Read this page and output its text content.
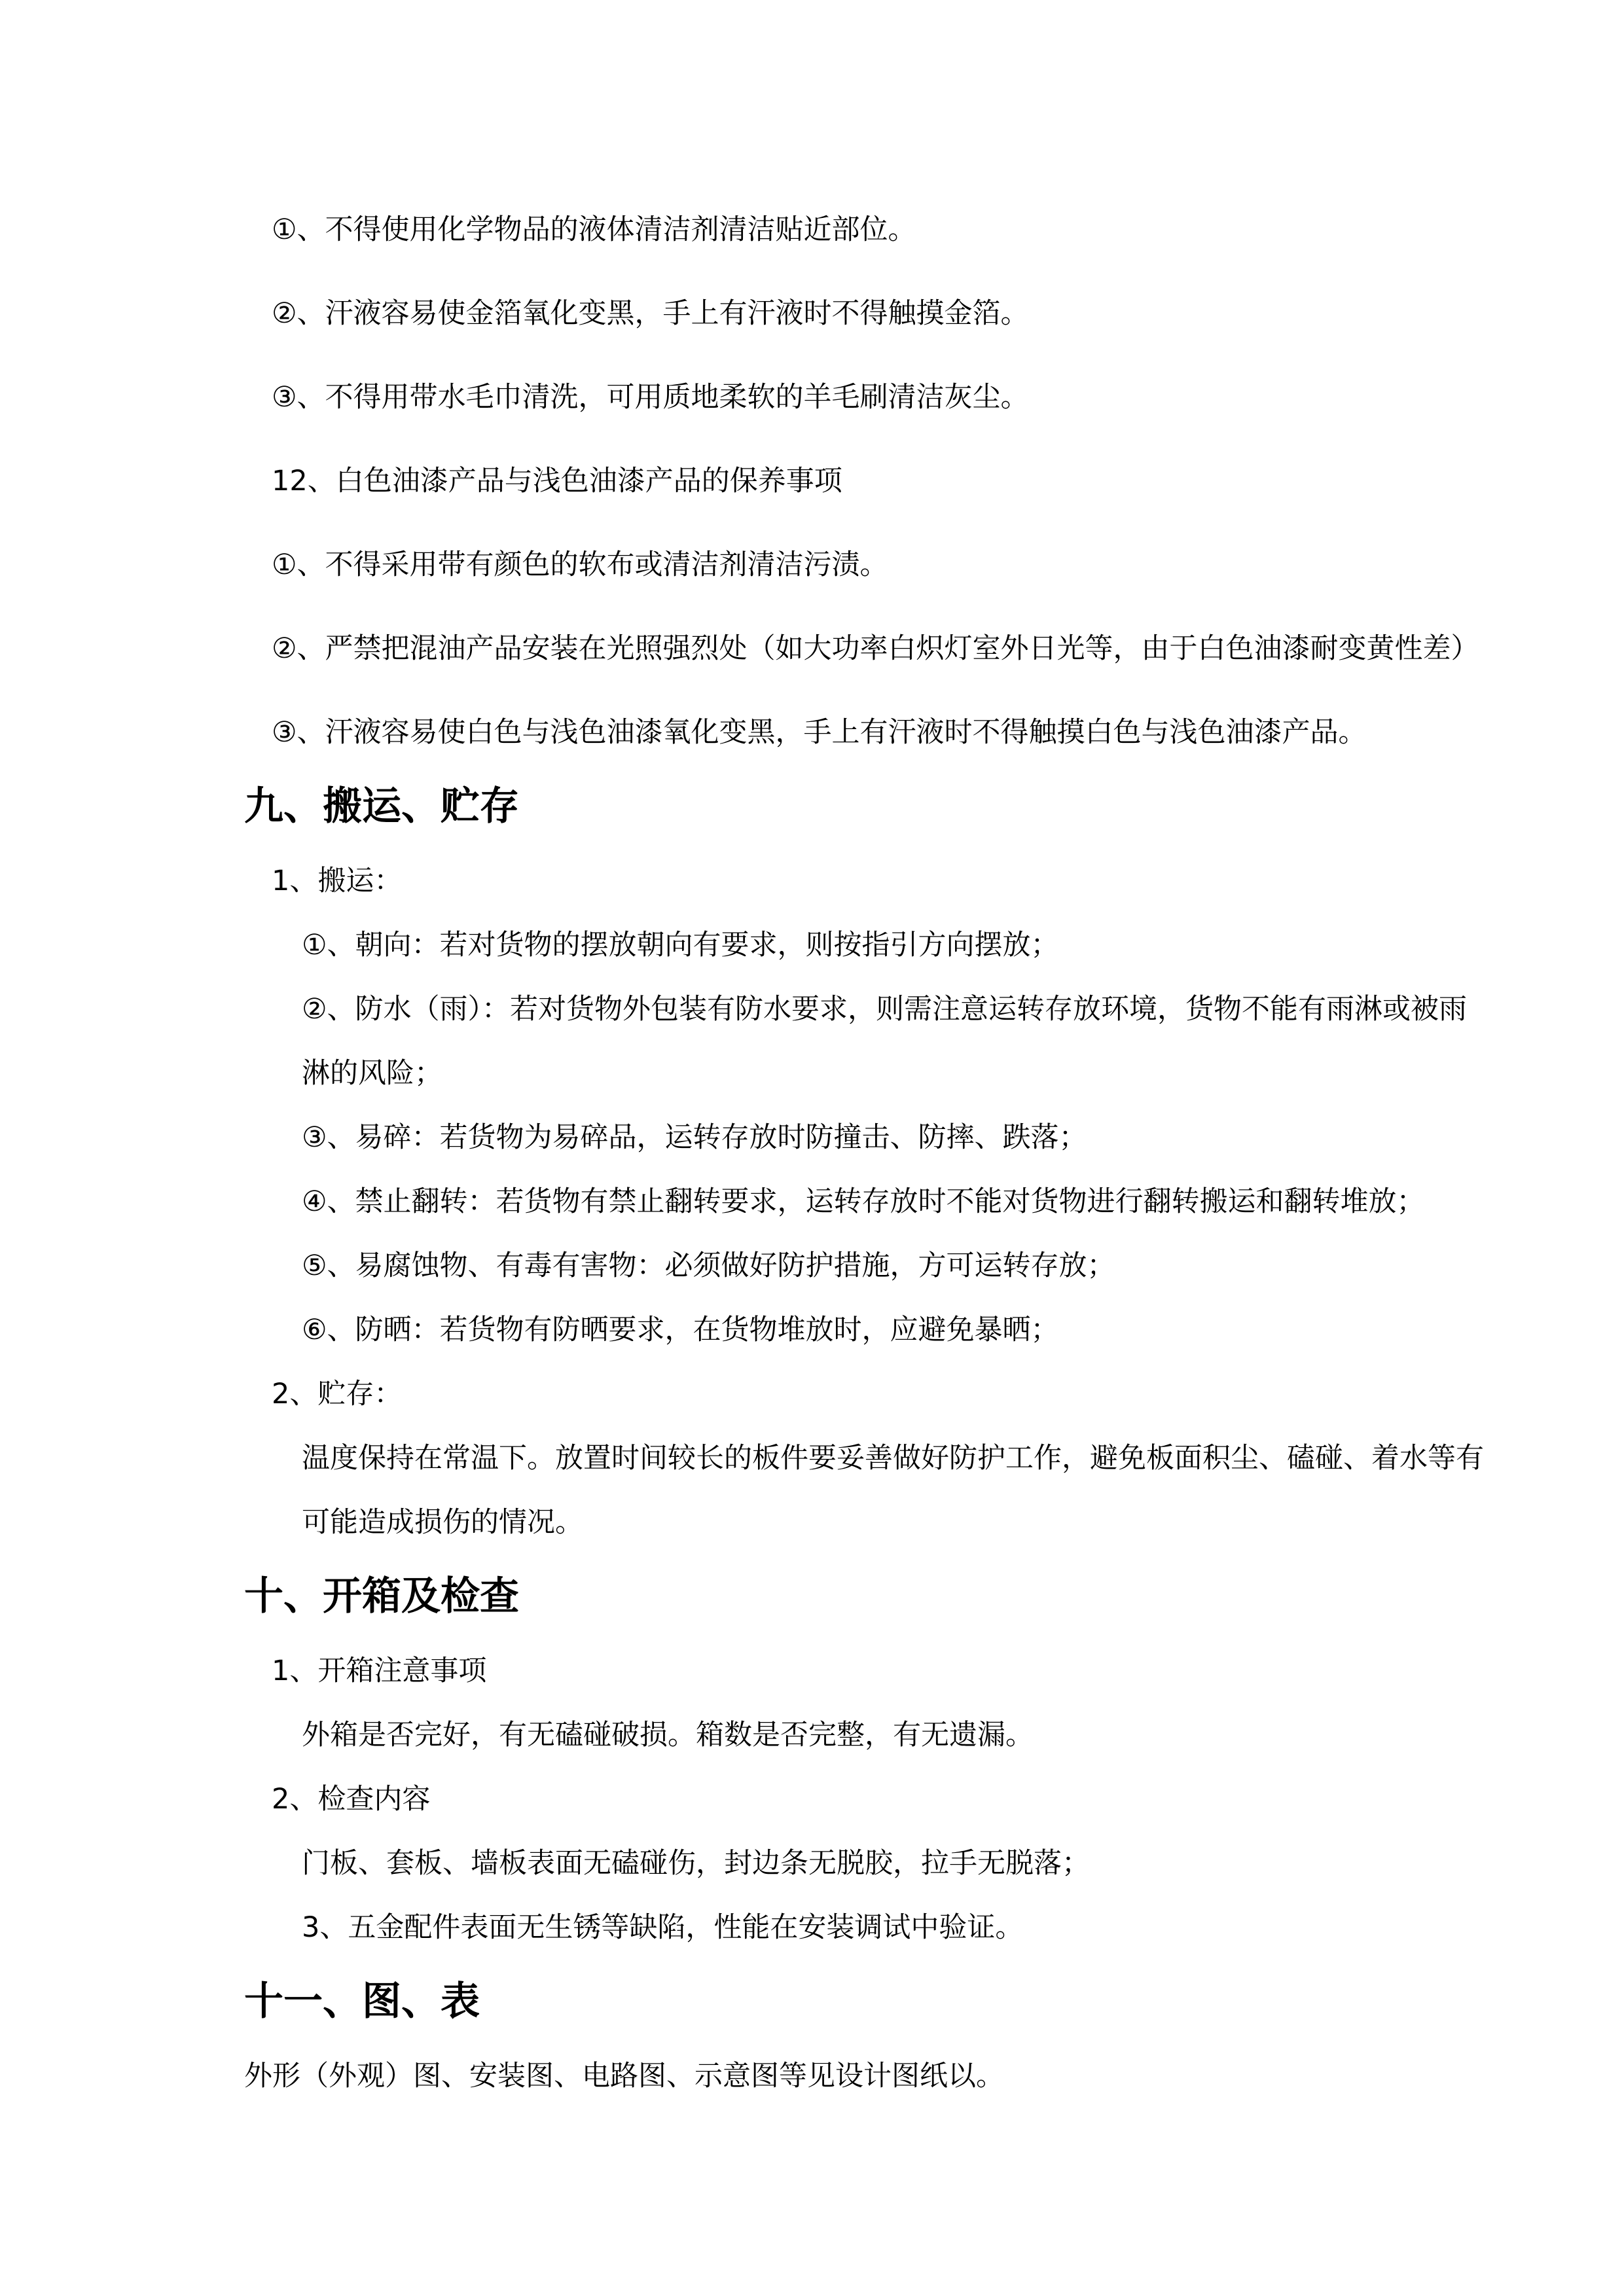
①、不得使用化学物品的液体清洁剂清洁贴近部位。

②、汗液容易使金箔氧化变黑，手上有汗液时不得触摸金箔。

③、不得用带水毛巾清洗，可用质地柔软的羊毛刷清洁灰尘。

12、白色油漆产品与浅色油漆产品的保养事项

①、不得采用带有颜色的软布或清洁剂清洁污渍。

②、严禁把混油产品安装在光照强烈处（如大功率白炽灯室外日光等，由于白色油漆耐变黄性差）

③、汗液容易使白色与浅色油漆氧化变黑，手上有汗液时不得触摸白色与浅色油漆产品。

九、搬运、贮存

1、搬运：

①、朝向：若对货物的摆放朝向有要求，则按指引方向摆放；

②、防水（雨）：若对货物外包装有防水要求，则需注意运转存放环境，货物不能有雨淋或被雨

淋的风险；

③、易碎：若货物为易碎品，运转存放时防撞击、防摔、跌落；

④、禁止翻转：若货物有禁止翻转要求，运转存放时不能对货物进行翻转搬运和翻转堆放；

⑤、易腐蚀物、有毒有害物：必须做好防护措施，方可运转存放；

⑥、防晒：若货物有防晒要求，在货物堆放时，应避免暴晒；

2、贮存：

温度保持在常温下。放置时间较长的板件要妥善做好防护工作，避免板面积尘、磕碰、着水等有

可能造成损伤的情况。

十、开箱及检查

1、开箱注意事项

外箱是否完好，有无磕碰破损。箱数是否完整，有无遗漏。

2、检查内容

门板、套板、墙板表面无磕碰伤，封边条无脱胶，拉手无脱落；

3、五金配件表面无生锈等缺陷，性能在安装调试中验证。

十一、图、表

外形（外观）图、安装图、电路图、示意图等见设计图纸以。
